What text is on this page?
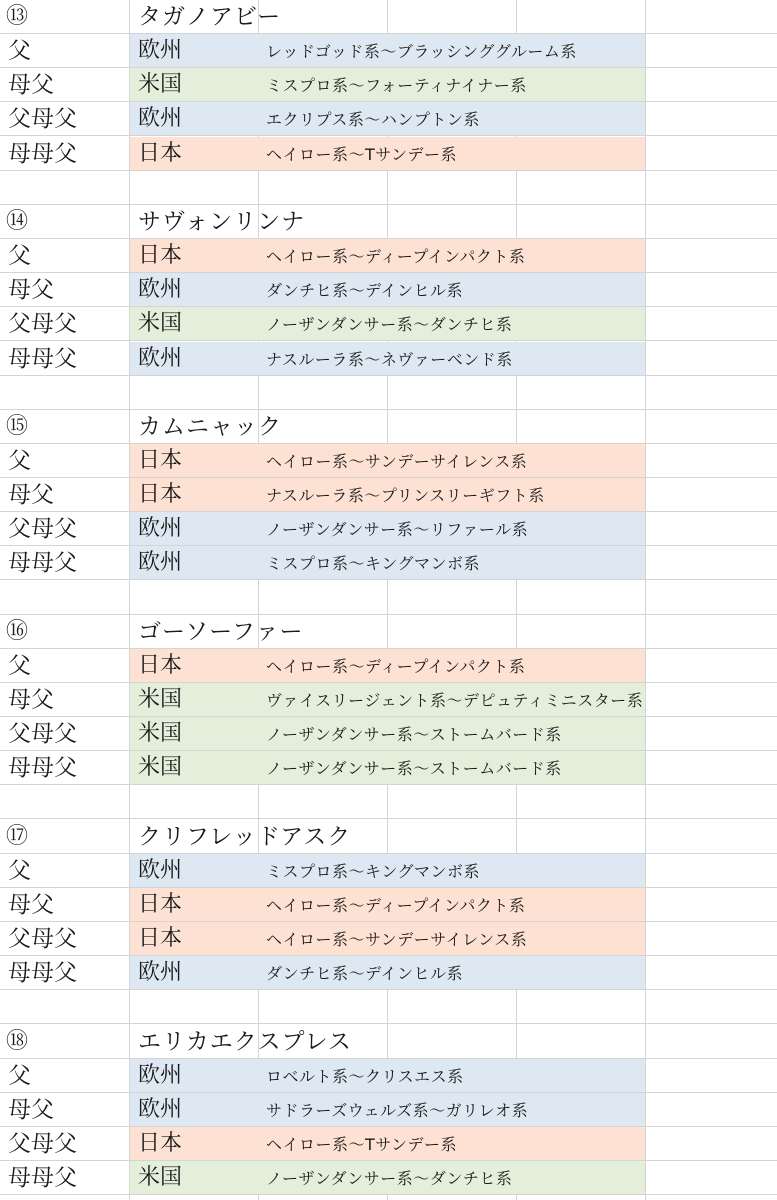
⑬	タガノアビー
父	欧州	レッドゴッド系〜ブラッシンググルーム系
母父	米国	ミスプロ系〜フォーティナイナー系
父母父	欧州	エクリプス系〜ハンプトン系
母母父	日本	ヘイロー系〜Tサンデー系
⑭	サヴォンリンナ
父	日本	ヘイロー系〜ディープインパクト系
母父	欧州	ダンチヒ系〜デインヒル系
父母父	米国	ノーザンダンサー系〜ダンチヒ系
母母父	欧州	ナスルーラ系〜ネヴァーベンド系
⑮	カムニャック
父	日本	ヘイロー系〜サンデーサイレンス系
母父	日本	ナスルーラ系〜プリンスリーギフト系
父母父	欧州	ノーザンダンサー系〜リファール系
母母父	欧州	ミスプロ系〜キングマンボ系
⑯	ゴーソーファー
父	日本	ヘイロー系〜ディープインパクト系
母父	米国	ヴァイスリージェント系〜デピュティミニスター系
父母父	米国	ノーザンダンサー系〜ストームバード系
母母父	米国	ノーザンダンサー系〜ストームバード系
⑰	クリフレッドアスク
父	欧州	ミスプロ系〜キングマンボ系
母父	日本	ヘイロー系〜ディープインパクト系
父母父	日本	ヘイロー系〜サンデーサイレンス系
母母父	欧州	ダンチヒ系〜デインヒル系
⑱	エリカエクスプレス
父	欧州	ロベルト系〜クリスエス系
母父	欧州	サドラーズウェルズ系〜ガリレオ系
父母父	日本	ヘイロー系〜Tサンデー系
母母父	米国	ノーザンダンサー系〜ダンチヒ系
